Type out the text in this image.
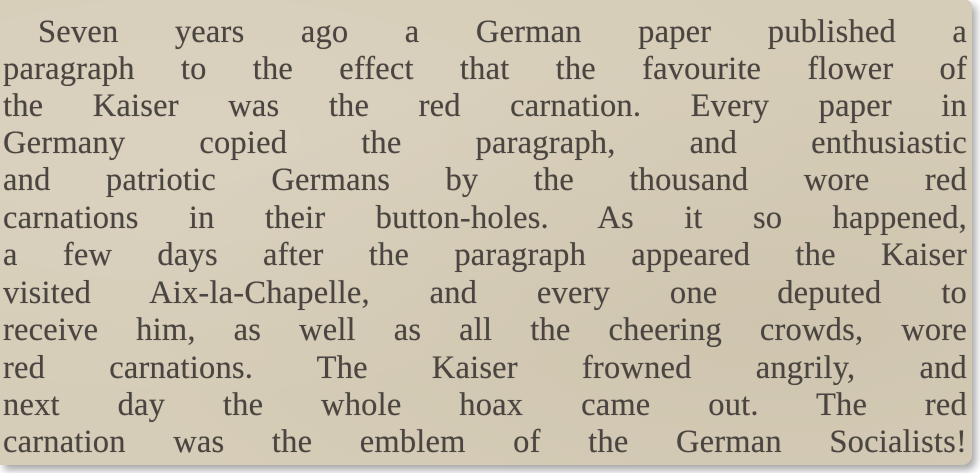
Seven years ago a German paper published a
paragraph to the effect that the favourite flower of
the Kaiser was the red carnation. Every paper in
Germany copied the paragraph, and enthusiastic
and patriotic Germans by the thousand wore red
carnations in their button-holes. As it so happened,
a few days after the paragraph appeared the Kaiser
visited Aix-la-Chapelle, and every one deputed to
receive him, as well as all the cheering crowds, wore
red carnations. The Kaiser frowned angrily, and
next day the whole hoax came out. The red
carnation was the emblem of the German Socialists!
